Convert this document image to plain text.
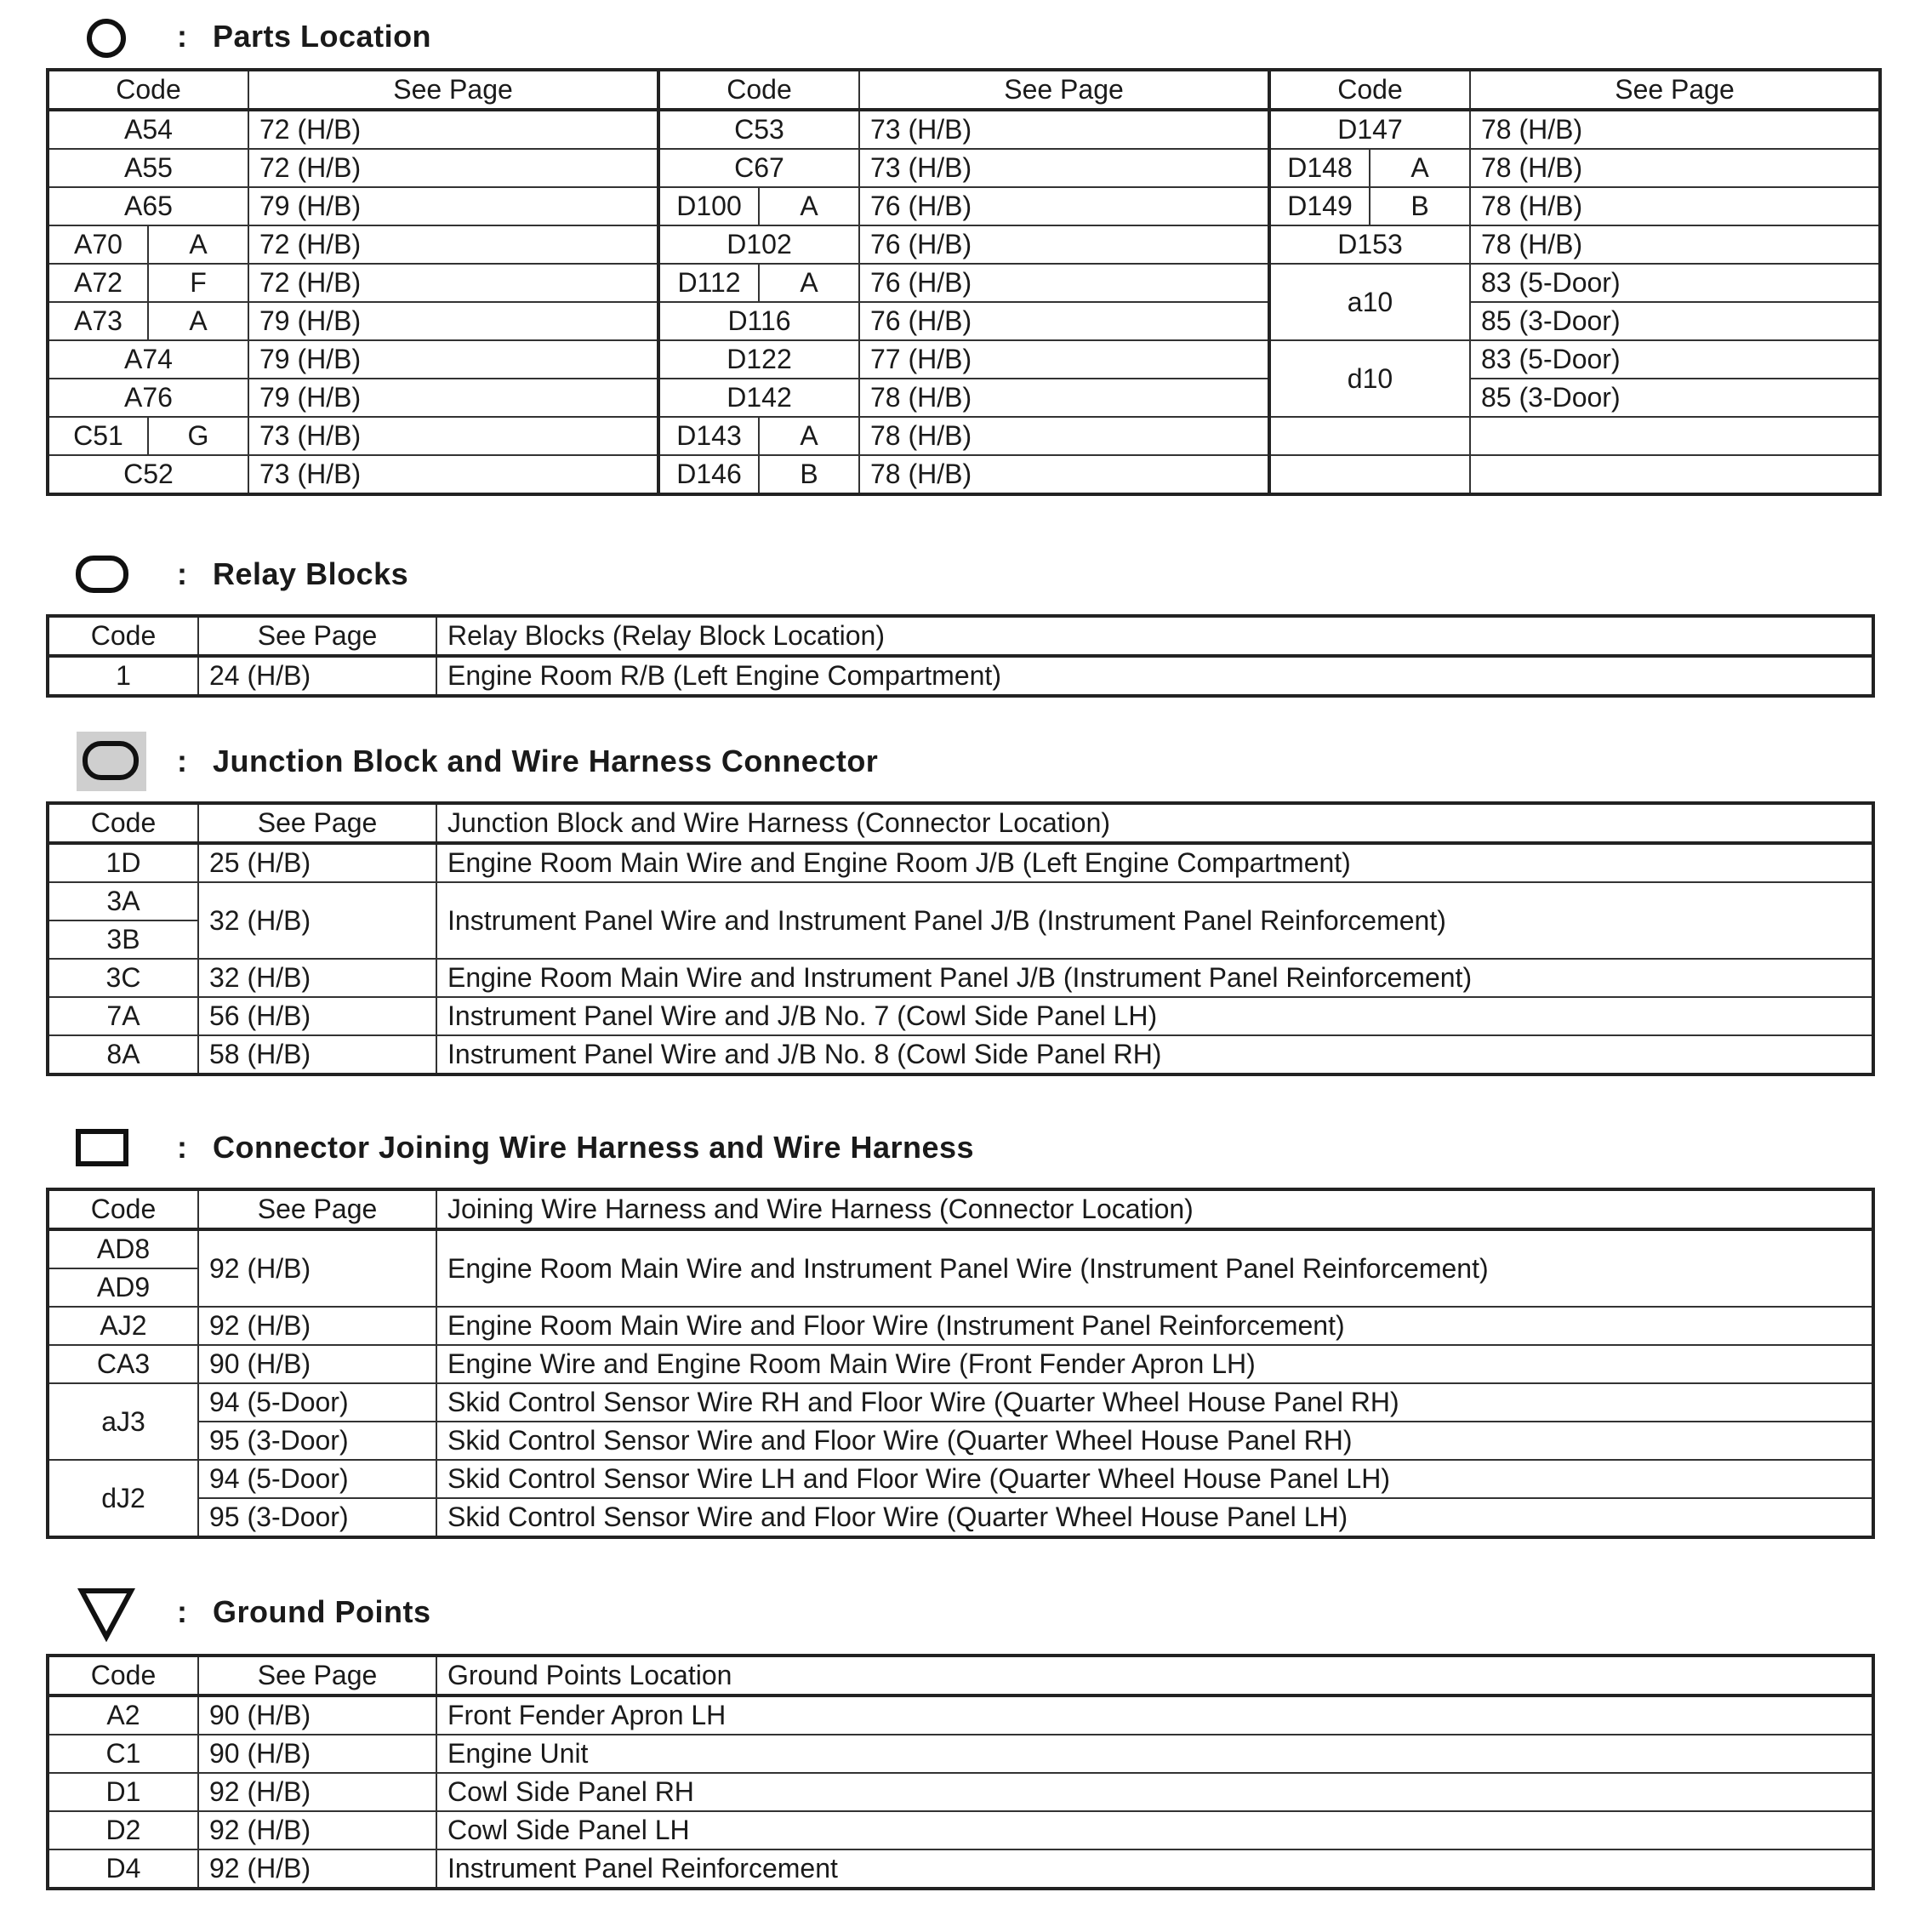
: Parts Location
Code		See Page	Code		See Page	Code		See Page
A54		72 (H/B)	C53		73 (H/B)	D147		78 (H/B)
A55		72 (H/B)	C67		73 (H/B)	D148	A	78 (H/B)
A65		79 (H/B)	D100	A	76 (H/B)	D149	B	78 (H/B)
A70	A	72 (H/B)	D102		76 (H/B)	D153		78 (H/B)
A72	F	72 (H/B)	D112	A	76 (H/B)	a10		83 (5-Door)
A73	A	79 (H/B)	D116		76 (H/B)			85 (3-Door)
A74		79 (H/B)	D122		77 (H/B)	d10		83 (5-Door)
A76		79 (H/B)	D142		78 (H/B)			85 (3-Door)
C51	G	73 (H/B)	D143	A	78 (H/B)			
C52		73 (H/B)	D146	B	78 (H/B)			
: Relay Blocks
Code	See Page	Relay Blocks (Relay Block Location)
1	24 (H/B)	Engine Room R/B (Left Engine Compartment)
: Junction Block and Wire Harness Connector
Code	See Page	Junction Block and Wire Harness (Connector Location)
1D	25 (H/B)	Engine Room Main Wire and Engine Room J/B (Left Engine Compartment)
3A	32 (H/B)	Instrument Panel Wire and Instrument Panel J/B (Instrument Panel Reinforcement)
3B		
3C	32 (H/B)	Engine Room Main Wire and Instrument Panel J/B (Instrument Panel Reinforcement)
7A	56 (H/B)	Instrument Panel Wire and J/B No. 7 (Cowl Side Panel LH)
8A	58 (H/B)	Instrument Panel Wire and J/B No. 8 (Cowl Side Panel RH)
: Connector Joining Wire Harness and Wire Harness
Code	See Page	Joining Wire Harness and Wire Harness (Connector Location)
AD8	92 (H/B)	Engine Room Main Wire and Instrument Panel Wire (Instrument Panel Reinforcement)
AD9		
AJ2	92 (H/B)	Engine Room Main Wire and Floor Wire (Instrument Panel Reinforcement)
CA3	90 (H/B)	Engine Wire and Engine Room Main Wire (Front Fender Apron LH)
aJ3	94 (5-Door)	Skid Control Sensor Wire RH and Floor Wire (Quarter Wheel House Panel RH)
	95 (3-Door)	Skid Control Sensor Wire and Floor Wire (Quarter Wheel House Panel RH)
dJ2	94 (5-Door)	Skid Control Sensor Wire LH and Floor Wire (Quarter Wheel House Panel LH)
	95 (3-Door)	Skid Control Sensor Wire and Floor Wire (Quarter Wheel House Panel LH)
: Ground Points
Code	See Page	Ground Points Location
A2	90 (H/B)	Front Fender Apron LH
C1	90 (H/B)	Engine Unit
D1	92 (H/B)	Cowl Side Panel RH
D2	92 (H/B)	Cowl Side Panel LH
D4	92 (H/B)	Instrument Panel Reinforcement
